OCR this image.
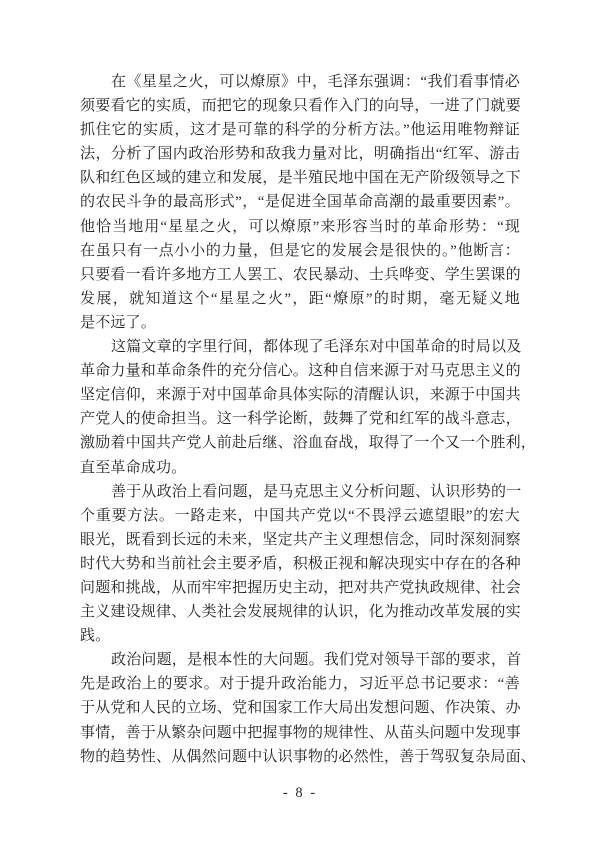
在《星星之火，可以燎原》中，毛泽东强调：“我们看事情必
须要看它的实质，而把它的现象只看作入门的向导，一进了门就要
抓住它的实质，这才是可靠的科学的分析方法。”他运用唯物辩证
法，分析了国内政治形势和敌我力量对比，明确指出“红军、游击
队和红色区域的建立和发展，是半殖民地中国在无产阶级领导之下
的农民斗争的最高形式”，“是促进全国革命高潮的最重要因素”。
他恰当地用“星星之火，可以燎原”来形容当时的革命形势：“现
在虽只有一点小小的力量，但是它的发展会是很快的。”他断言：
只要看一看许多地方工人罢工、农民暴动、士兵哗变、学生罢课的
发展，就知道这个“星星之火”，距“燎原”的时期，毫无疑义地
是不远了。
这篇文章的字里行间，都体现了毛泽东对中国革命的时局以及
革命力量和革命条件的充分信心。这种自信来源于对马克思主义的
坚定信仰，来源于对中国革命具体实际的清醒认识，来源于中国共
产党人的使命担当。这一科学论断，鼓舞了党和红军的战斗意志，
激励着中国共产党人前赴后继、浴血奋战，取得了一个又一个胜利，
直至革命成功。
善于从政治上看问题，是马克思主义分析问题、认识形势的一
个重要方法。一路走来，中国共产党以“不畏浮云遮望眼”的宏大
眼光，既看到长远的未来，坚定共产主义理想信念，同时深刻洞察
时代大势和当前社会主要矛盾，积极正视和解决现实中存在的各种
问题和挑战，从而牢牢把握历史主动，把对共产党执政规律、社会
主义建设规律、人类社会发展规律的认识，化为推动改革发展的实
践。
政治问题，是根本性的大问题。我们党对领导干部的要求，首
先是政治上的要求。对于提升政治能力，习近平总书记要求：“善
于从党和人民的立场、党和国家工作大局出发想问题、作决策、办
事情，善于从繁杂问题中把握事物的规律性、从苗头问题中发现事
物的趋势性、从偶然问题中认识事物的必然性，善于驾驭复杂局面、
- 8 -
